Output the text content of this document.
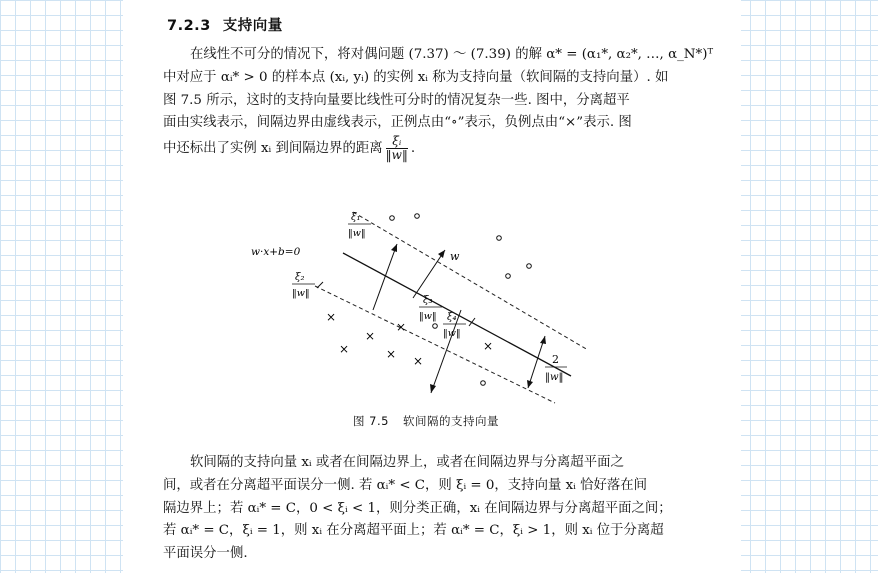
7.2.3 支持向量
在线性不可分的情况下，将对偶问题 (7.37) ～ (7.39) 的解 α* = (α₁*, α₂*, …, α_N*)ᵀ
中对应于 αᵢ* > 0 的样本点 (xᵢ, yᵢ) 的实例 xᵢ 称为支持向量（软间隔的支持向量）. 如
图 7.5 所示，这时的支持向量要比线性可分时的情况复杂一些. 图中，分离超平
面由实线表示，间隔边界由虚线表示，正例点由“∘”表示，负例点由“×”表示. 图
中还标出了实例 xᵢ 到间隔边界的距离 $\frac{\text{ξᵢ}}{‖w‖}$ .
w·x+b=0	w
2
‖w‖
ξ₁
‖w‖
ξ₂
‖w‖
ξ₃
‖w‖ ξ₄
‖w‖
×
×
×	× ×
×
×
图 7.5 软间隔的支持向量
软间隔的支持向量 xᵢ 或者在间隔边界上，或者在间隔边界与分离超平面之
间，或者在分离超平面误分一侧. 若 αᵢ* < C，则 ξᵢ = 0，支持向量 xᵢ 恰好落在间
隔边界上；若 αᵢ* = C，0 < ξᵢ < 1，则分类正确，xᵢ 在间隔边界与分离超平面之间；
若 αᵢ* = C，ξᵢ = 1，则 xᵢ 在分离超平面上；若 αᵢ* = C，ξᵢ > 1，则 xᵢ 位于分离超
平面误分一侧.
